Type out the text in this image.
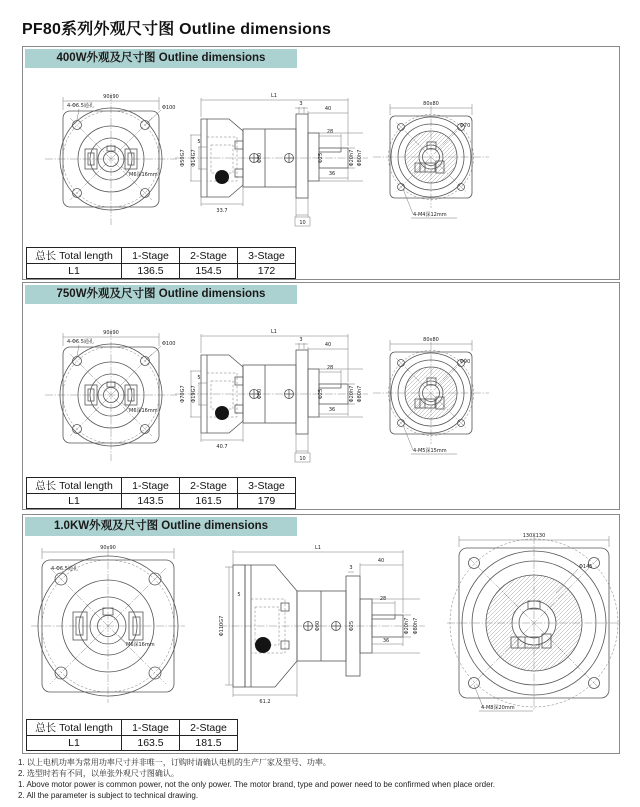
PF80系列外观尺寸图 Outline dimensions
400W外观及尺寸图 Outline dimensions
90x90
4-Φ6.5通孔	Φ100
M6深16mm
L1
3
40
28
36
Φ50G7 Φ14G7
5
Φ80	Φ25	Φ20h7 Φ80h7
33.7
10
80x80
Φ70
4-M4深12mm
总长 Total length	1-Stage	2-Stage	3-Stage
L1	136.5	154.5	172
750W外观及尺寸图 Outline dimensions
90x90
4-Φ6.5通孔	Φ100
M6深16mm
L1
3
40
28
36
Φ70G7 Φ19G7
5
Φ80	Φ25	Φ20h7 Φ80h7
40.7
10
80x80
Φ90
4-M5深15mm
总长 Total length	1-Stage	2-Stage	3-Stage
L1	143.5	161.5	179
1.0KW外观及尺寸图 Outline dimensions
90x90
4-Φ6.5通孔
M6深16mm
L1
40
3
28
36
Φ110G7
5
Φ80	Φ25	Φ20h7 Φ80h7
61.2
130X130
Φ145
4-M8深20mm
总长 Total length	1-Stage	2-Stage
L1	163.5	181.5
1. 以上电机功率为常用功率尺寸并非唯一，订购时请确认电机的生产厂家及型号、功率。
2. 选型时若有不同，以单张外观尺寸图确认。
1. Above motor power is common power, not the only power. The motor brand, type and power need to be confirmed when place order.
2. All the parameter is subject to technical drawing.
